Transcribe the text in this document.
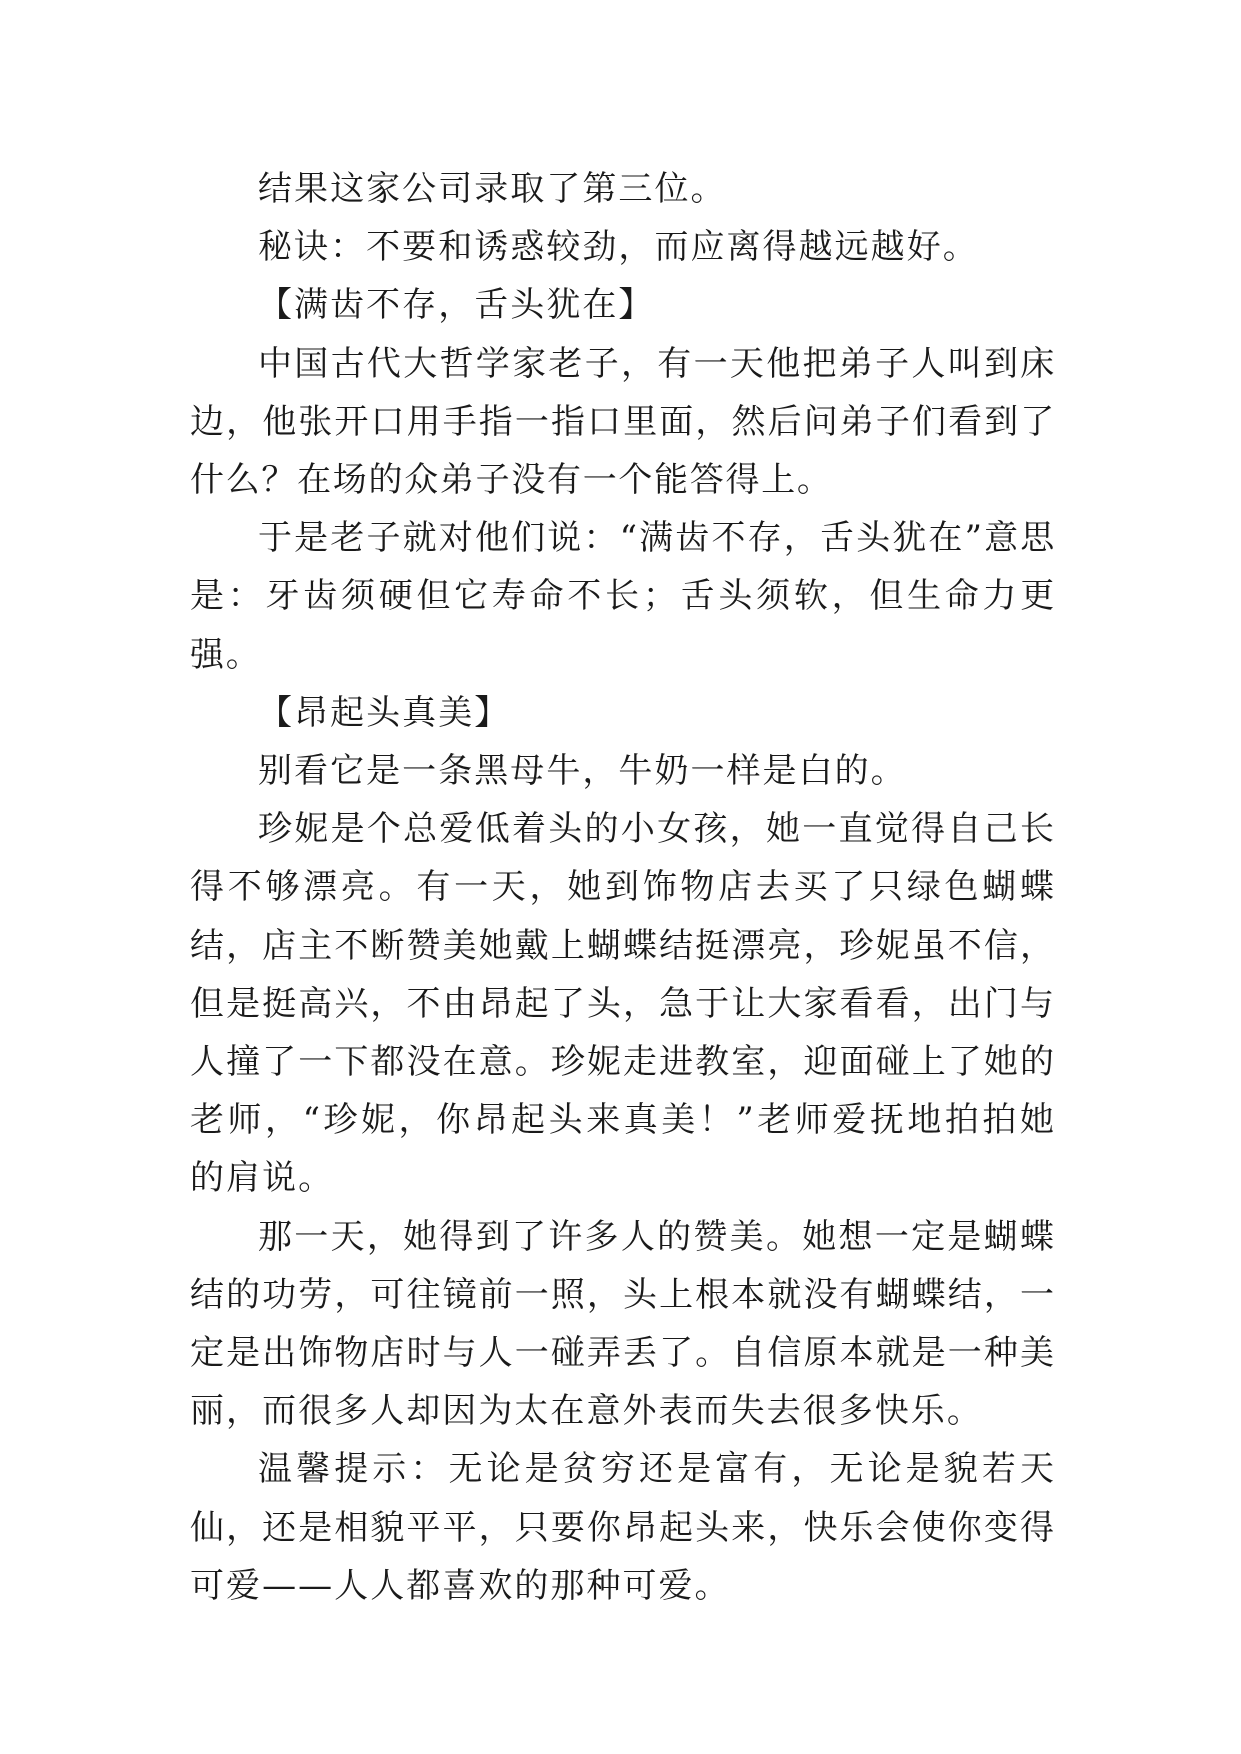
结果这家公司录取了第三位。

秘诀：不要和诱惑较劲，而应离得越远越好。

【满齿不存，舌头犹在】

中国古代大哲学家老子，有一天他把弟子人叫到床边，他张开口用手指一指口里面，然后问弟子们看到了什么？在场的众弟子没有一个能答得上。

于是老子就对他们说：“满齿不存，舌头犹在”意思是：牙齿须硬但它寿命不长；舌头须软，但生命力更强。

【昂起头真美】

别看它是一条黑母牛，牛奶一样是白的。

珍妮是个总爱低着头的小女孩，她一直觉得自己长得不够漂亮。有一天，她到饰物店去买了只绿色蝴蝶结，店主不断赞美她戴上蝴蝶结挺漂亮，珍妮虽不信，但是挺高兴，不由昂起了头，急于让大家看看，出门与人撞了一下都没在意。珍妮走进教室，迎面碰上了她的老师，“珍妮，你昂起头来真美！”老师爱抚地拍拍她的肩说。

那一天，她得到了许多人的赞美。她想一定是蝴蝶结的功劳，可往镜前一照，头上根本就没有蝴蝶结，一定是出饰物店时与人一碰弄丢了。自信原本就是一种美丽，而很多人却因为太在意外表而失去很多快乐。

温馨提示：无论是贫穷还是富有，无论是貌若天仙，还是相貌平平，只要你昂起头来，快乐会使你变得可爱——人人都喜欢的那种可爱。
